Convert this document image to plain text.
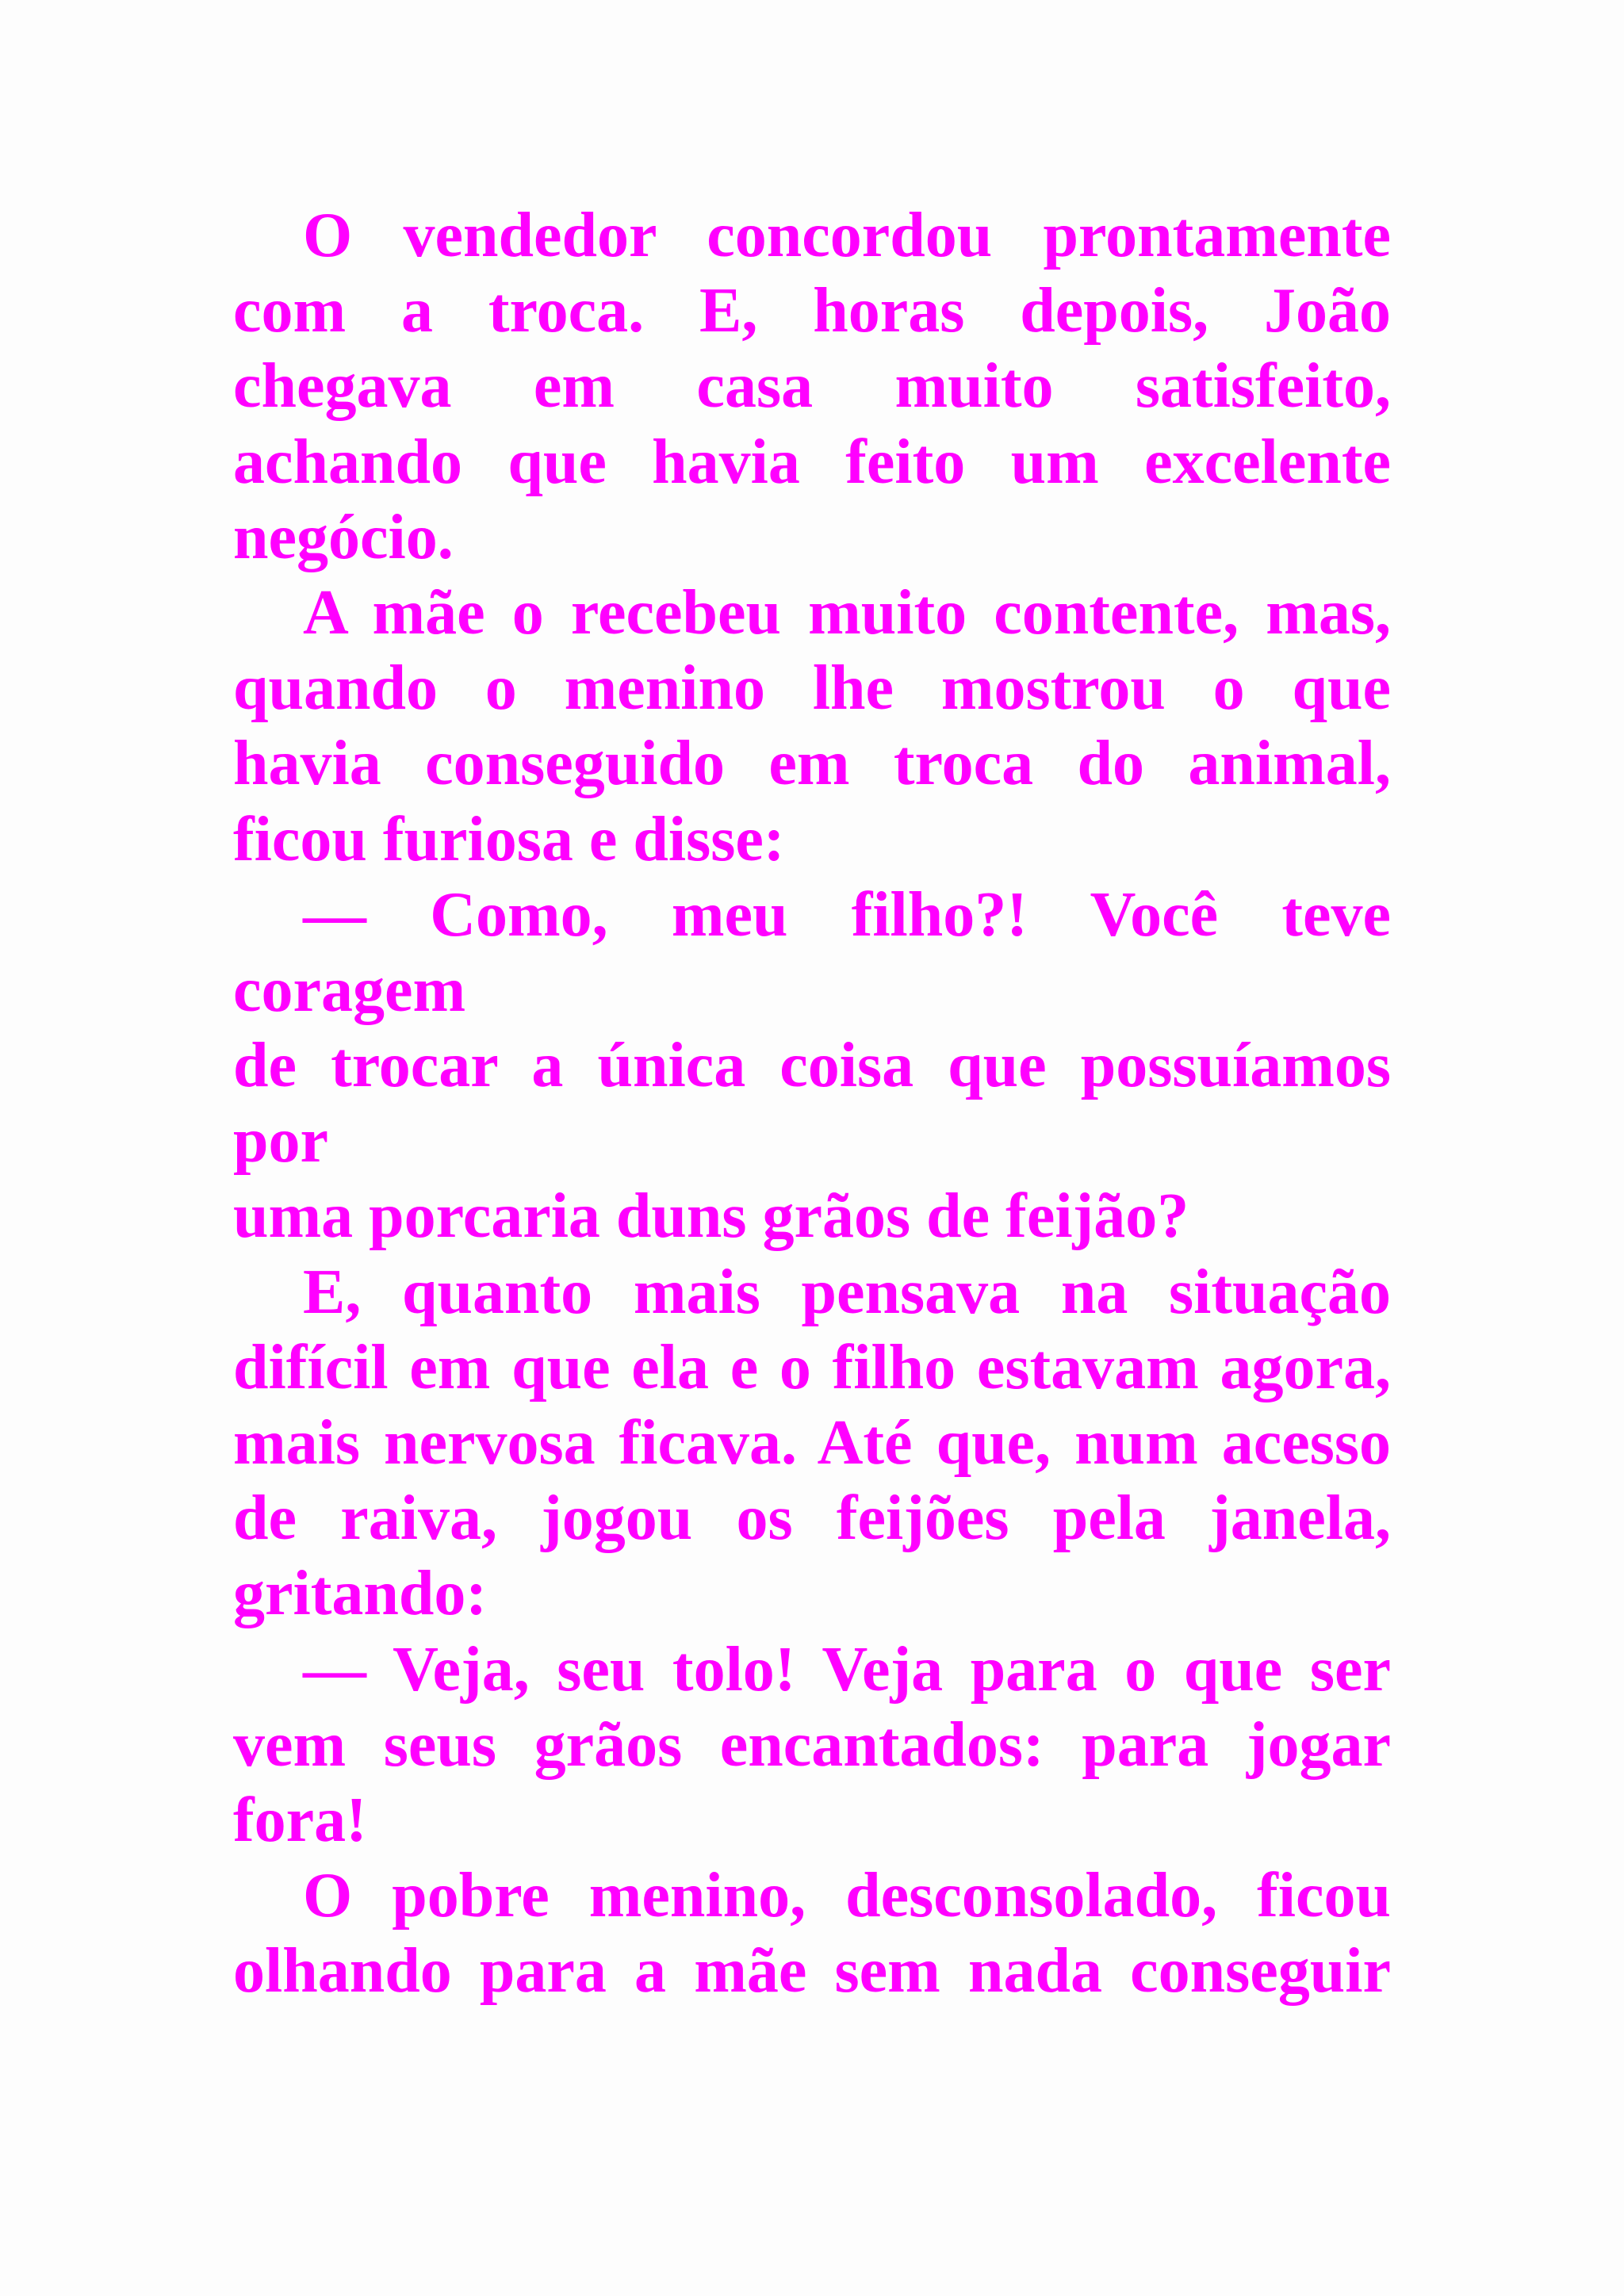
O vendedor concordou prontamente
com a troca. E, horas depois, João
chegava em casa muito satisfeito,
achando que havia feito um excelente
negócio.
A mãe o recebeu muito contente, mas,
quando o menino lhe mostrou o que
havia conseguido em troca do animal,
ficou furiosa e disse:
— Como, meu filho?! Você teve
coragem
de trocar a única coisa que possuíamos
por
uma porcaria duns grãos de feijão?
E, quanto mais pensava na situação
difícil em que ela e o filho estavam agora,
mais nervosa ficava. Até que, num acesso
de raiva, jogou os feijões pela janela,
gritando:
— Veja, seu tolo! Veja para o que ser
vem seus grãos encantados: para jogar
fora!
O pobre menino, desconsolado, ficou
olhando para a mãe sem nada conseguir
